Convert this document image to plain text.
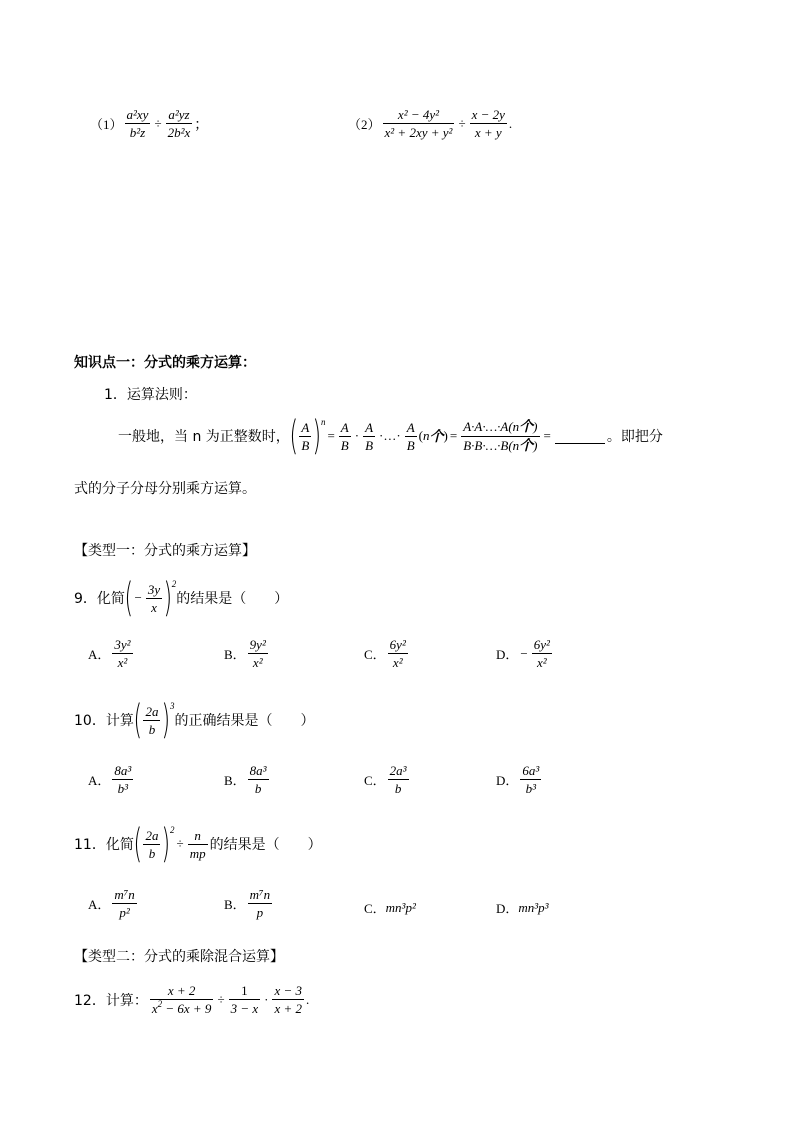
$(1) \frac{\text{a²xy}}{\text{b²z}} \div \frac{\text{a²yz}}{\text{2b²x}}$ ；	$(2) \frac{\text{x² − 4y²}}{\text{x² + 2xy + y²}} \div \frac{x - 2y}{x + y}$ .
知识点一：分式的乘方运算：
1．运算法则：
一般地，当 n 为正整数时， ( $\frac{A}{B} )^n$
= $\frac{A}{B} \cdot \frac{A}{B}$ ·…· $\frac{A}{B}$ ( n 个 ) = $\frac{\text{A·A·…·A(n个)}}{\text{B·B·…·B(n个)}}$ =	。即把分
式的分子分母分别乘方运算。
【类型一：分式的乘方运算】
9．化简 ( − $\frac{3y}{x} )^2$
的结果是（　　）
A． $\frac{\text{3y²}}{\text{x²}}$	B． $\frac{\text{9y²}}{\text{x²}}$	C． $\frac{\text{6y²}}{\text{x²}}$	D． − $\frac{\text{6y²}}{\text{x²}}$
10．计算 ( $\frac{2a}{b} )^3$
的正确结果是（　　）
A． $\frac{\text{8a³}}{\text{b³}}$	B． $\frac{\text{8a³}}{b}$	C． $\frac{\text{2a³}}{b}$	D． $\frac{\text{6a³}}{\text{b³}}$
11．化简 ( $\frac{2a}{b} )^2$
÷ $\frac{n}{mp}$ 的结果是（　　）
A． $\frac{\text{m⁷n}}{\text{p²}}$	B． $\frac{\text{m⁷n}}{p}$	C． mn³p²	D． mn³p³
【类型二：分式的乘除混合运算】
12．计算： $\frac{x + 2}{x^2 - 6x + 9} \div \frac{1}{3 - x} \cdot \frac{x - 3}{x + 2}$ .
